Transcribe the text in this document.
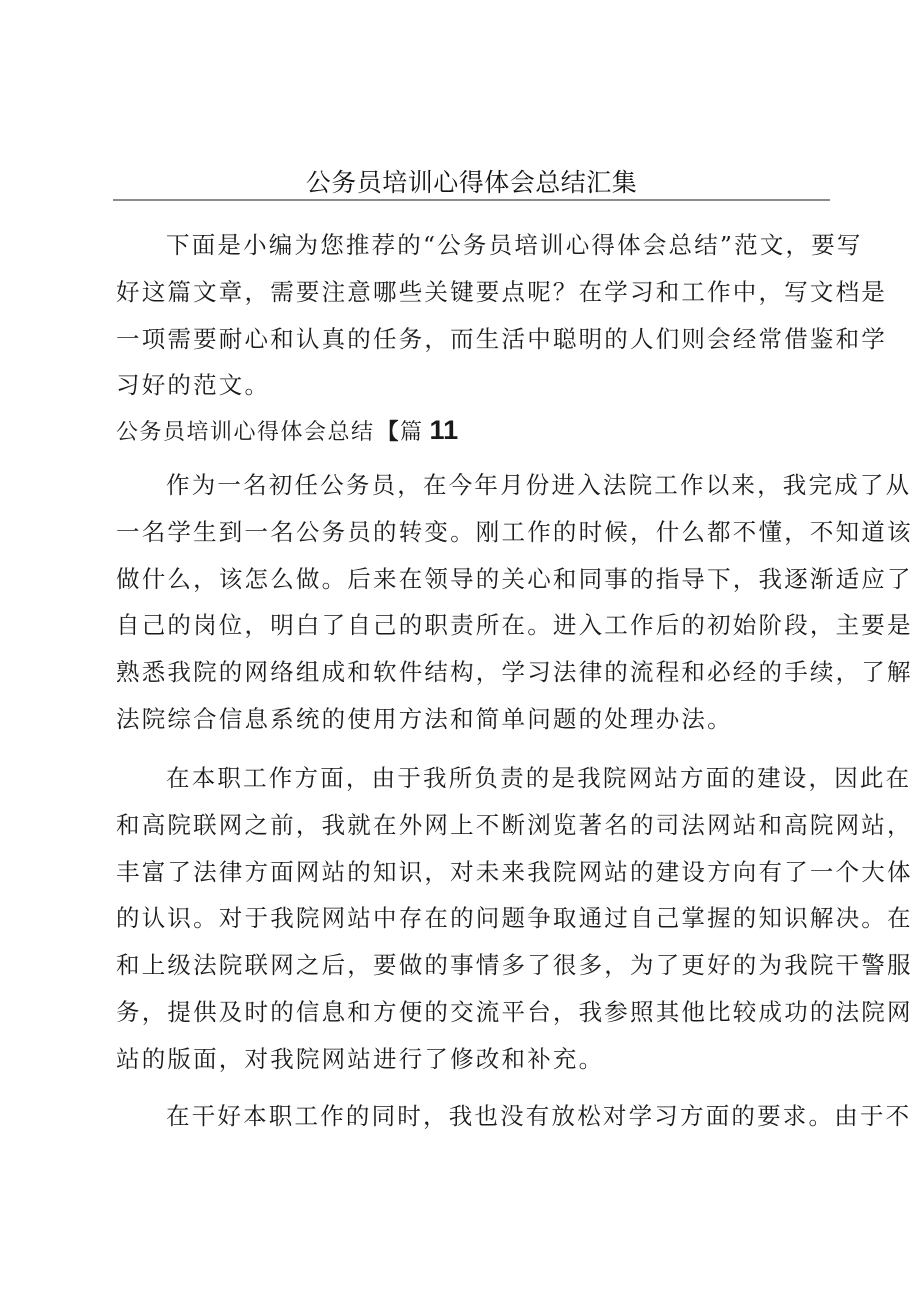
公务员培训心得体会总结汇集
下面是小编为您推荐的“公务员培训心得体会总结”范文，要写
好这篇文章，需要注意哪些关键要点呢？在学习和工作中，写文档是
一项需要耐心和认真的任务，而生活中聪明的人们则会经常借鉴和学
习好的范文。
公务员培训心得体会总结【篇 11
作为一名初任公务员，在今年月份进入法院工作以来，我完成了从
一名学生到一名公务员的转变。刚工作的时候，什么都不懂，不知道该
做什么，该怎么做。后来在领导的关心和同事的指导下，我逐渐适应了
自己的岗位，明白了自己的职责所在。进入工作后的初始阶段，主要是
熟悉我院的网络组成和软件结构，学习法律的流程和必经的手续，了解
法院综合信息系统的使用方法和简单问题的处理办法。
在本职工作方面，由于我所负责的是我院网站方面的建设，因此在
和高院联网之前，我就在外网上不断浏览著名的司法网站和高院网站，
丰富了法律方面网站的知识，对未来我院网站的建设方向有了一个大体
的认识。对于我院网站中存在的问题争取通过自己掌握的知识解决。在
和上级法院联网之后，要做的事情多了很多，为了更好的为我院干警服
务，提供及时的信息和方便的交流平台，我参照其他比较成功的法院网
站的版面，对我院网站进行了修改和补充。
在干好本职工作的同时，我也没有放松对学习方面的要求。由于不
